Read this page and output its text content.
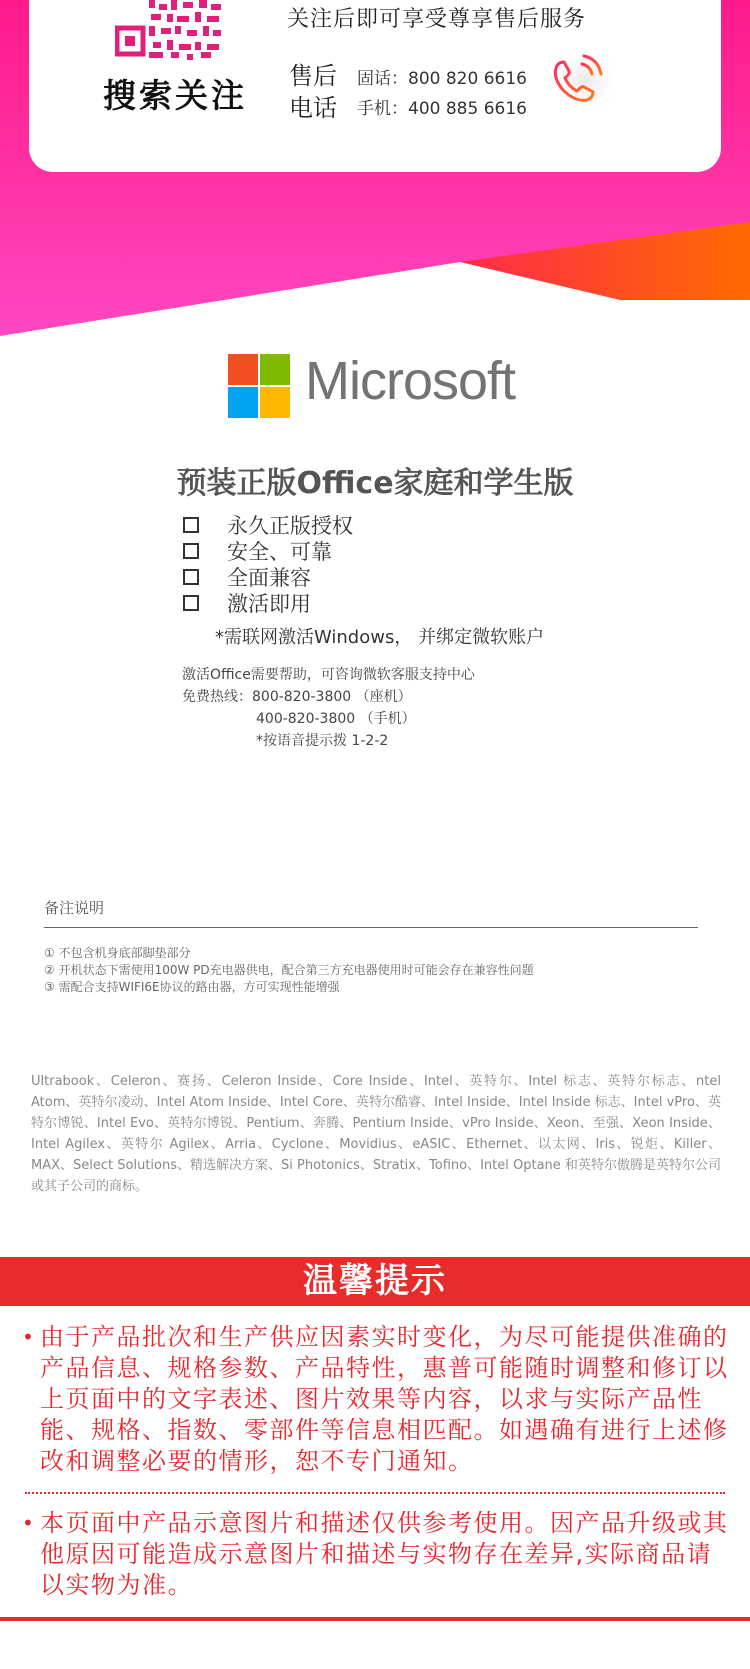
搜索关注
关注后即可享受尊享售后服务
售后
电话
固话：800 820 6616
手机：400 885 6616
Microsoft
预装正版Office家庭和学生版
永久正版授权
安全、可靠
全面兼容
激活即用
*需联网激活Windows， 并绑定微软账户
激活Office需要帮助，可咨询微软客服支持中心
免费热线：800-820-3800 （座机）
400-820-3800 （手机）
*按语音提示拨 1-2-2
备注说明
① 不包含机身底部脚垫部分
② 开机状态下需使用100W PD充电器供电，配合第三方充电器使用时可能会存在兼容性问题
③ 需配合支持WIFI6E协议的路由器，方可实现性能增强
Ultrabook、Celeron、赛扬、Celeron Inside、Core Inside、Intel、英特尔、Intel 标志、英特尔标志、ntel Atom、英特尔凌动、Intel Atom Inside、Intel Core、英特尔酷睿、Intel Inside、Intel Inside 标志、Intel vPro、英特尔博锐、Intel Evo、英特尔博锐、Pentium、奔腾、Pentium Inside、vPro Inside、Xeon、至强、Xeon Inside、Intel Agilex、英特尔 Agilex、Arria、Cyclone、Movidius、eASIC、Ethernet、以太网、Iris、锐炬、Killer、MAX、Select Solutions、精选解决方案、Si Photonics、Stratix、Tofino、Intel Optane 和英特尔傲腾是英特尔公司或其子公司的商标。
温馨提示
• 由于产品批次和生产供应因素实时变化，为尽可能提供准确的产品信息、规格参数、产品特性，惠普可能随时调整和修订以上页面中的文字表述、图片效果等内容，以求与实际产品性能、规格、指数、零部件等信息相匹配。如遇确有进行上述修改和调整必要的情形，恕不专门通知。
• 本页面中产品示意图片和描述仅供参考使用。因产品升级或其他原因可能造成示意图片和描述与实物存在差异,实际商品请以实物为准。
